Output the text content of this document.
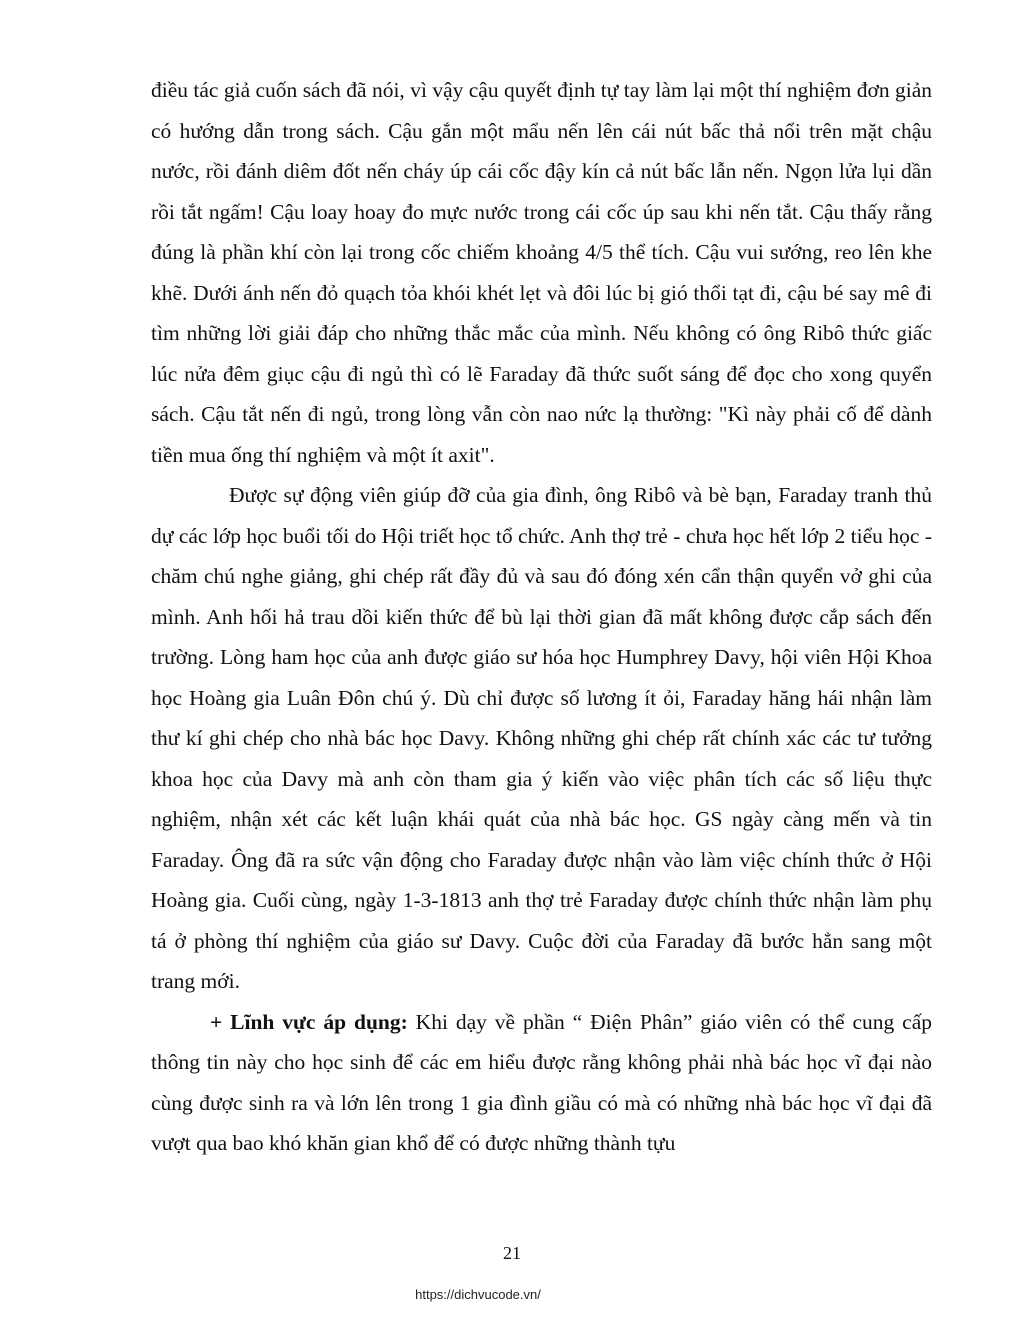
điều tác giả cuốn sách đã nói, vì vậy cậu quyết định tự tay làm lại một thí nghiệm đơn giản có hướng dẫn trong sách. Cậu gắn một mẩu nến lên cái nút bấc thả nổi trên mặt chậu nước, rồi đánh diêm đốt nến cháy úp cái cốc đậy kín cả nút bấc lẫn nến. Ngọn lửa lụi dần rồi tắt ngấm! Cậu loay hoay đo mực nước trong cái cốc úp sau khi nến tắt. Cậu thấy rằng đúng là phần khí còn lại trong cốc chiếm khoảng 4/5 thể tích. Cậu vui sướng, reo lên khe khẽ. Dưới ánh nến đỏ quạch tỏa khói khét lẹt và đôi lúc bị gió thổi tạt đi, cậu bé say mê đi tìm những lời giải đáp cho những thắc mắc của mình. Nếu không có ông Ribô thức giấc lúc nửa đêm giục cậu đi ngủ thì có lẽ Faraday đã thức suốt sáng để đọc cho xong quyển sách. Cậu tắt nến đi ngủ, trong lòng vẫn còn nao nức lạ thường: "Kì này phải cố để dành tiền mua ống thí nghiệm và một ít axit".

Được sự động viên giúp đỡ của gia đình, ông Ribô và bè bạn, Faraday tranh thủ dự các lớp học buổi tối do Hội triết học tổ chức. Anh thợ trẻ - chưa học hết lớp 2 tiểu học - chăm chú nghe giảng, ghi chép rất đầy đủ và sau đó đóng xén cẩn thận quyển vở ghi của mình. Anh hối hả trau dồi kiến thức để bù lại thời gian đã mất không được cắp sách đến trường. Lòng ham học của anh được giáo sư hóa học Humphrey Davy, hội viên Hội Khoa học Hoàng gia Luân Đôn chú ý. Dù chỉ được số lương ít ỏi, Faraday hăng hái nhận làm thư kí ghi chép cho nhà bác học Davy. Không những ghi chép rất chính xác các tư tưởng khoa học của Davy mà anh còn tham gia ý kiến vào việc phân tích các số liệu thực nghiệm, nhận xét các kết luận khái quát của nhà bác học. GS ngày càng mến và tin Faraday. Ông đã ra sức vận động cho Faraday được nhận vào làm việc chính thức ở Hội Hoàng gia. Cuối cùng, ngày 1-3-1813 anh thợ trẻ Faraday được chính thức nhận làm phụ tá ở phòng thí nghiệm của giáo sư Davy. Cuộc đời của Faraday đã bước hẳn sang một trang mới.

+ Lĩnh vực áp dụng: Khi dạy về phần “ Điện Phân” giáo viên có thể cung cấp thông tin này cho học sinh để các em hiểu được rằng không phải nhà bác học vĩ đại nào cùng được sinh ra và lớn lên trong 1 gia đình giầu có mà có những nhà bác học vĩ đại đã vượt qua bao khó khăn gian khổ để có được những thành tựu

21
https://dichvucode.vn/
